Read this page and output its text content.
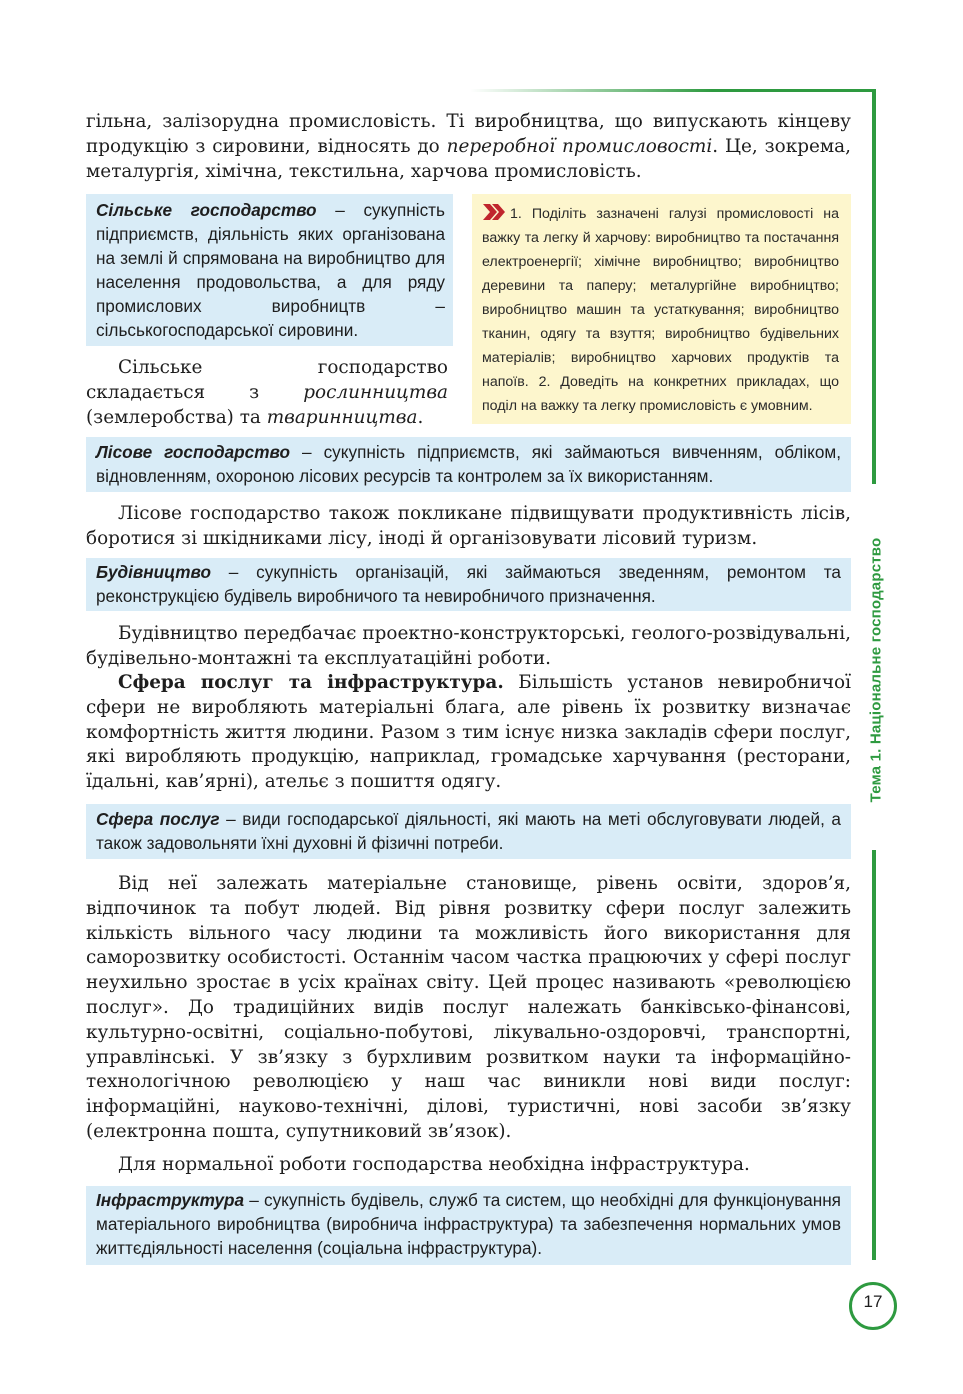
Тема 1. Національне господарство
гільна, залізорудна промисловість. Ті виробництва, що випускають кінцеву продукцію з сировини, відносять до переробної промисловості. Це, зокрема, металургія, хімічна, текстильна, харчова промисловість.
Сільське господарство – сукупність підприємств, діяльність яких організована на землі й спрямована на виробництво для населення продовольства, а для ряду промислових виробництв – сільськогосподарської сировини.
1. Поділіть зазначені галузі промисловості на важку та легку й харчову: виробництво та постачання електроенергії; хімічне виробництво; виробництво деревини та паперу; металургійне виробництво; виробництво машин та устаткування; виробництво тканин, одягу та взуття; виробництво будівельних матеріалів; виробництво харчових продуктів та напоїв. 2. Доведіть на конкретних прикладах, що поділ на важку та легку промисловість є умовним.
Сільське господарство складається з рослинництва (землеробства) та тваринництва.
Лісове господарство – сукупність підприємств, які займаються вивченням, обліком, відновленням, охороною лісових ресурсів та контролем за їх використанням.
Лісове господарство також покликане підвищувати продуктивність лісів, боротися зі шкідниками лісу, іноді й організовувати лісовий туризм.
Будівництво – сукупність організацій, які займаються зведенням, ремонтом та реконструкцією будівель виробничого та невиробничого призначення.
Будівництво передбачає проектно-конструкторські, геолого-розвідувальні, будівельно-монтажні та експлуатаційні роботи.
Сфера послуг та інфраструктура. Більшість установ невиробничої сфери не виробляють матеріальні блага, але рівень їх розвитку визначає комфортність життя людини. Разом з тим існує низка закладів сфери послуг, які виробляють продукцію, наприклад, громадське харчування (ресторани, їдальні, кав’ярні), ательє з пошиття одягу.
Сфера послуг – види господарської діяльності, які мають на меті обслуговувати людей, а також задовольняти їхні духовні й фізичні потреби.
Від неї залежать матеріальне становище, рівень освіти, здоров’я, відпочинок та побут людей. Від рівня розвитку сфери послуг залежить кількість вільного часу людини та можливість його використання для саморозвитку особистості. Останнім часом частка працюючих у сфері послуг неухильно зростає в усіх країнах світу. Цей процес називають «революцією послуг». До традиційних видів послуг належать банківсько-фінансові, культурно-освітні, соціально-побутові, лікувально-оздоровчі, транспортні, управлінські. У зв’язку з бурхливим розвитком науки та інформаційно-технологічною революцією у наш час виникли нові види послуг: інформаційні, науково-технічні, ділові, туристичні, нові засоби зв’язку (електронна пошта, супутниковий зв’язок).
Для нормальної роботи господарства необхідна інфраструктура.
Інфраструктура – сукупність будівель, служб та систем, що необхідні для функціонування матеріального виробництва (виробнича інфраструктура) та забезпечення нормальних умов життєдіяльності населення (соціальна інфраструктура).
17
